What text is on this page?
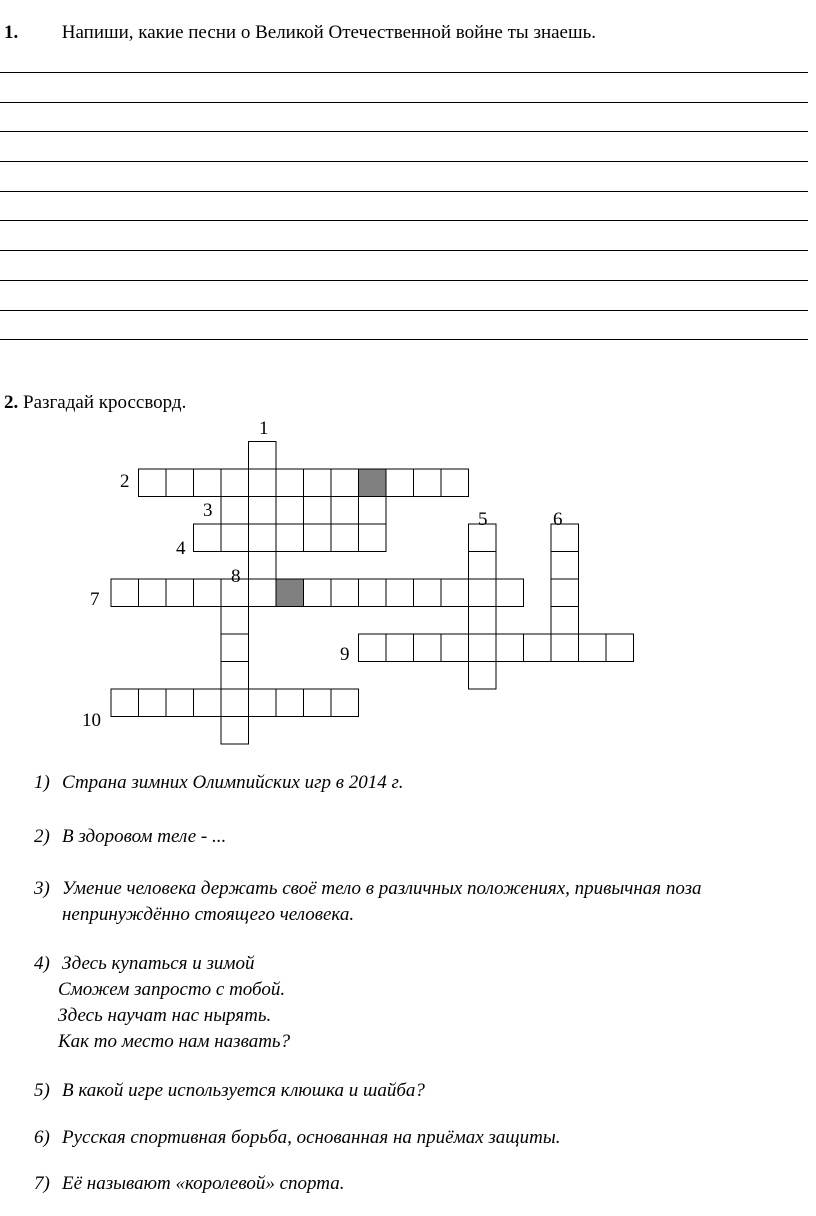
1. Напиши, какие песни о Великой Отечественной войне ты знаешь.
2. Разгадай кроссворд.
1
2
3
4
5	6
7
8
9
10
1) Страна зимних Олимпийских игр в 2014 г.
2) В здоровом теле - ...
3) Умение человека держать своё тело в различных положениях, привычная поза
непринуждённо стоящего человека.
4) Здесь купаться и зимой
Сможем запросто с тобой.
Здесь научат нас нырять.
Как то место нам назвать?
5) В какой игре используется клюшка и шайба?
6) Русская спортивная борьба, основанная на приёмах защиты.
7) Её называют «королевой» спорта.
